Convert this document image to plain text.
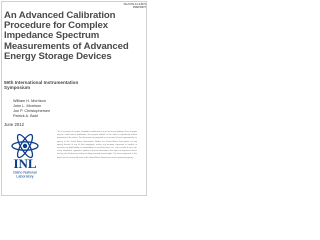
INL/CON-12-24573
PREPRINT
An Advanced Calibration Procedure for Complex Impedance Spectrum Measurements of Advanced Energy Storage Devices
59th International Instrumentation Symposium
William H. Morrison
John L. Morrison
Jon P. Christophersen
Patrick A. Bald
June 2012
This is a preprint of a paper intended for publication in a journal or proceedings. Since changes may be made before publication, this preprint should not be cited or reproduced without permission of the author. This document was prepared as an account of work sponsored by an agency of the United States Government. Neither the United States Government nor any agency thereof, or any of their employees, makes any warranty, expressed or implied, or assumes any legal liability or responsibility for any third party's use, or the results of such use, of any information, apparatus, product or process disclosed in this report, or represents that its use by such third party would not infringe privately owned rights. The views expressed in this paper are not necessarily those of the United States Government or the sponsoring agency.
INL
Idaho National
Laboratory
